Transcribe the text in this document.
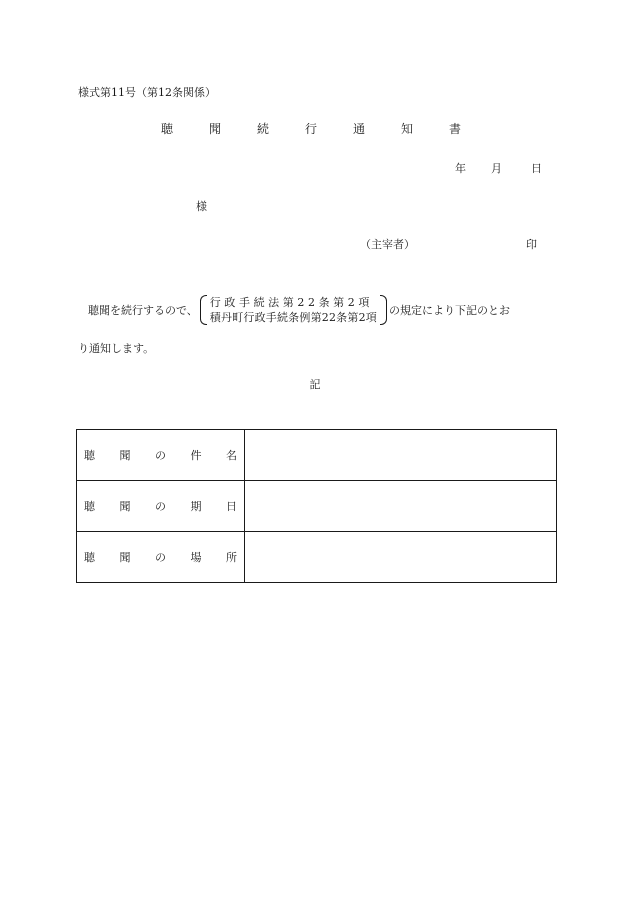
様式第11号（第12条関係）
聴　聞　続　行　通　知　書
年 月	日
様
（主宰者）	印
聴聞を続行するので、
行政手続法第22条第2項
積丹町行政手続条例第22条第2項
の規定により下記のとお
り通知します。
記
聴 聞 の 件 名	

聴 聞 の 期 日	

聴 聞 の 場 所	
